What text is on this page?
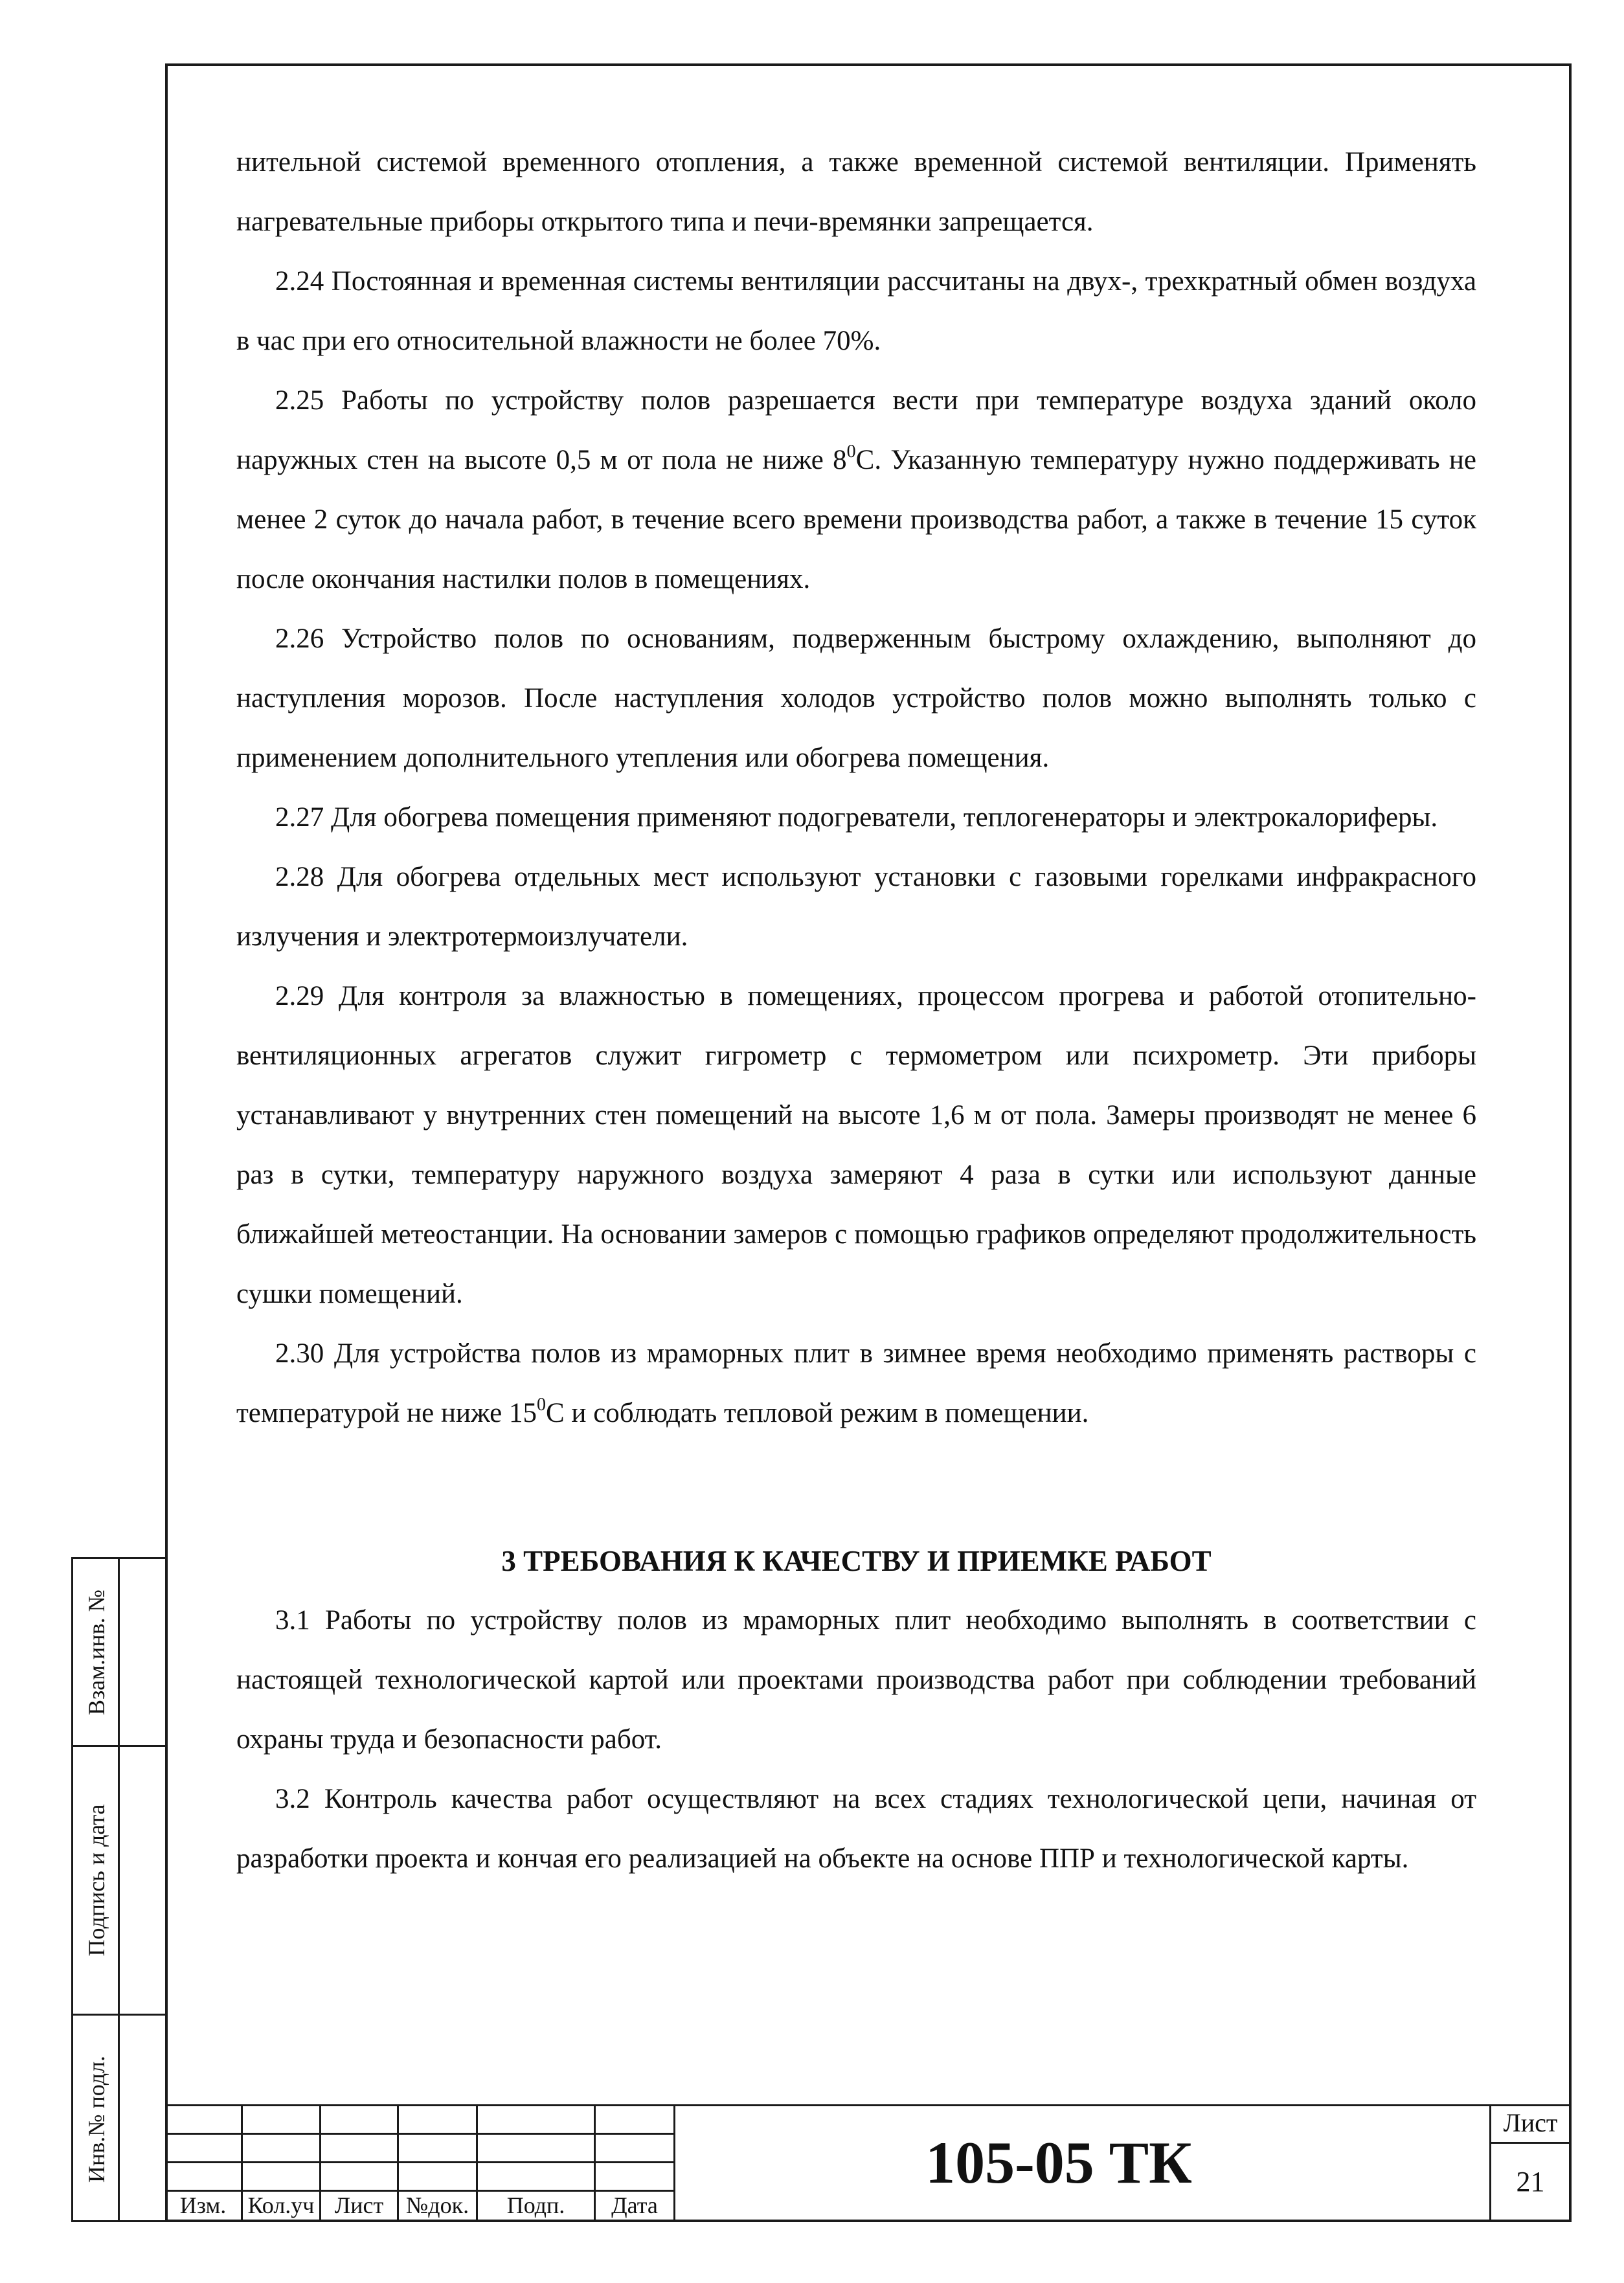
нительной системой временного отопления, а также временной системой вентиляции. Применять нагревательные приборы открытого типа и печи-времянки запрещается.

2.24 Постоянная и временная системы вентиляции рассчитаны на двух-, трехкратный обмен воздуха в час при его относительной влажности не более 70%.

2.25 Работы по устройству полов разрешается вести при температуре воздуха зданий около наружных стен на высоте 0,5 м от пола не ниже $8^0С$. Указанную температуру нужно поддерживать не менее 2 суток до начала работ, в течение всего времени производства работ, а также в течение 15 суток после окончания настилки полов в помещениях.

2.26 Устройство полов по основаниям, подверженным быстрому охлаждению, выполняют до наступления морозов. После наступления холодов устройство полов можно выполнять только с применением дополнительного утепления или обогрева помещения.

2.27 Для обогрева помещения применяют подогреватели, теплогенераторы и электрокалориферы.

2.28 Для обогрева отдельных мест используют установки с газовыми горелками инфракрасного излучения и электротермоизлучатели.

2.29 Для контроля за влажностью в помещениях, процессом прогрева и работой отопительно-вентиляционных агрегатов служит гигрометр с термометром или психрометр. Эти приборы устанавливают у внутренних стен помещений на высоте 1,6 м от пола. Замеры производят не менее 6 раз в сутки, температуру наружного воздуха замеряют 4 раза в сутки или используют данные ближайшей метеостанции. На основании замеров с помощью графиков определяют продолжительность сушки помещений.

2.30 Для устройства полов из мраморных плит в зимнее время необходимо применять растворы с температурой не ниже $15^0С$ и соблюдать тепловой режим в помещении.

3 ТРЕБОВАНИЯ К КАЧЕСТВУ И ПРИЕМКЕ РАБОТ

3.1 Работы по устройству полов из мраморных плит необходимо выполнять в соответствии с настоящей технологической картой или проектами производства работ при соблюдении требований охраны труда и безопасности работ.

3.2 Контроль качества работ осуществляют на всех стадиях технологической цепи, начиная от разработки проекта и кончая его реализацией на объекте на основе ППР и технологической карты.

Взам.инв. №
Подпись и дата
Инв.№ подл.
Изм. Кол.уч Лист №док.	Подп.	Дата
105-05 ТК
Лист
21
